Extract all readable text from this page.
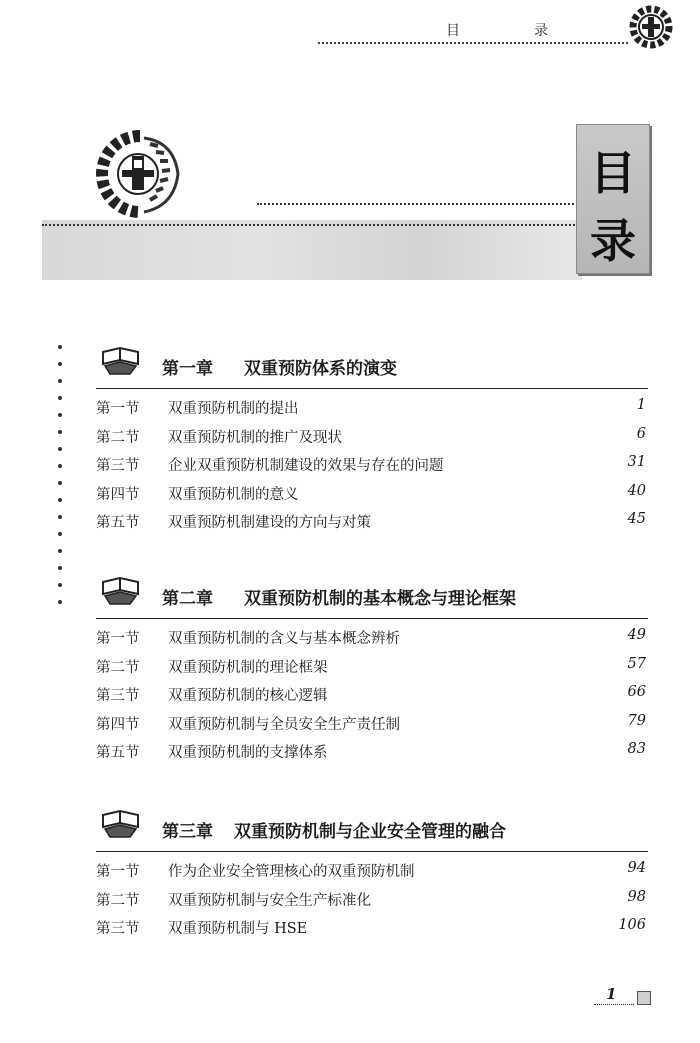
目　录
目
录
第一章 双重预防体系的演变
第一节 双重预防机制的提出	1
第二节 双重预防机制的推广及现状	6
第三节 企业双重预防机制建设的效果与存在的问题	31
第四节 双重预防机制的意义	40
第五节 双重预防机制建设的方向与对策	45
第二章 双重预防机制的基本概念与理论框架
第一节 双重预防机制的含义与基本概念辨析	49
第二节 双重预防机制的理论框架	57
第三节 双重预防机制的核心逻辑	66
第四节 双重预防机制与全员安全生产责任制	79
第五节 双重预防机制的支撑体系	83
第三章 双重预防机制与企业安全管理的融合
第一节 作为企业安全管理核心的双重预防机制	94
第二节 双重预防机制与安全生产标准化	98
第三节 双重预防机制与 HSE	106
1
